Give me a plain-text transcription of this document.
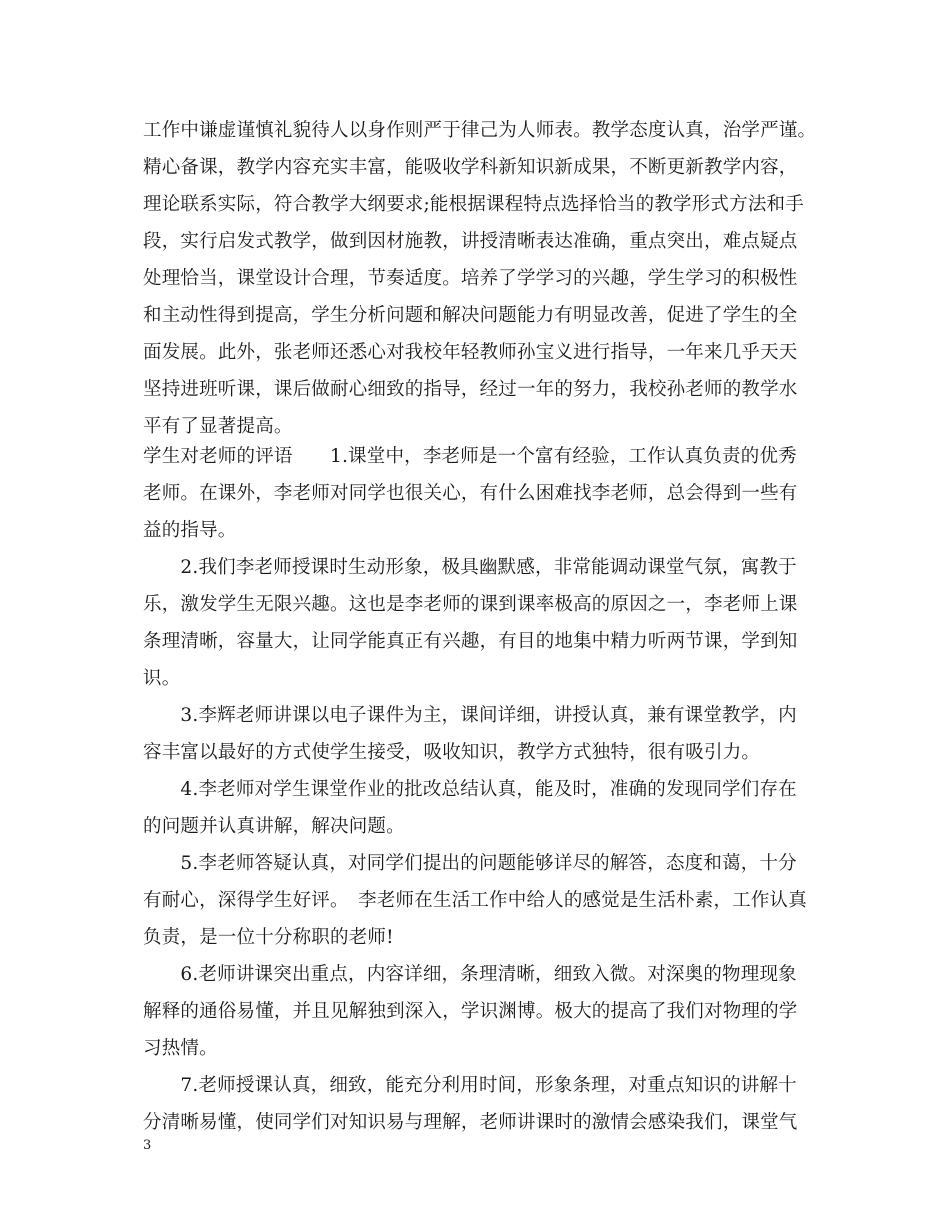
工作中谦虚谨慎礼貌待人以身作则严于律己为人师表。教学态度认真，治学严谨。
精心备课，教学内容充实丰富，能吸收学科新知识新成果，不断更新教学内容，
理论联系实际，符合教学大纲要求;能根据课程特点选择恰当的教学形式方法和手
段，实行启发式教学，做到因材施教，讲授清晰表达准确，重点突出，难点疑点
处理恰当，课堂设计合理，节奏适度。培养了学学习的兴趣，学生学习的积极性
和主动性得到提高，学生分析问题和解决问题能力有明显改善，促进了学生的全
面发展。此外，张老师还悉心对我校年轻教师孙宝义进行指导，一年来几乎天天
坚持进班听课，课后做耐心细致的指导，经过一年的努力，我校孙老师的教学水
平有了显著提高。
学生对老师的评语　　1.课堂中，李老师是一个富有经验，工作认真负责的优秀
老师。在课外，李老师对同学也很关心，有什么困难找李老师，总会得到一些有
益的指导。
　　2.我们李老师授课时生动形象，极具幽默感，非常能调动课堂气氛，寓教于
乐，激发学生无限兴趣。这也是李老师的课到课率极高的原因之一，李老师上课
条理清晰，容量大，让同学能真正有兴趣，有目的地集中精力听两节课，学到知
识。
　　3.李辉老师讲课以电子课件为主，课间详细，讲授认真，兼有课堂教学，内
容丰富以最好的方式使学生接受，吸收知识，教学方式独特，很有吸引力。
　　4.李老师对学生课堂作业的批改总结认真，能及时，准确的发现同学们存在
的问题并认真讲解，解决问题。
　　5.李老师答疑认真，对同学们提出的问题能够详尽的解答，态度和蔼，十分
有耐心，深得学生好评。　李老师在生活工作中给人的感觉是生活朴素，工作认真
负责，是一位十分称职的老师!
　　6.老师讲课突出重点，内容详细，条理清晰，细致入微。对深奥的物理现象
解释的通俗易懂，并且见解独到深入，学识渊博。极大的提高了我们对物理的学
习热情。
　　7.老师授课认真，细致，能充分利用时间，形象条理，对重点知识的讲解十
分清晰易懂，使同学们对知识易与理解，老师讲课时的激情会感染我们，课堂气
3
